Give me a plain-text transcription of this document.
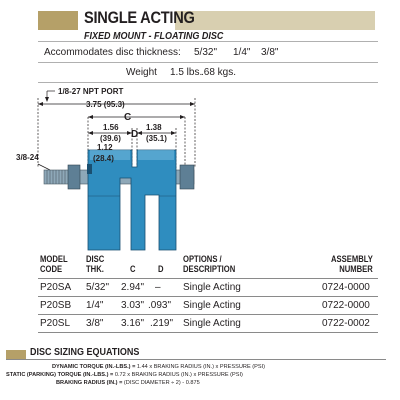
SINGLE ACTING
FIXED MOUNT - FLOATING DISC
Accommodates disc thickness: 5/32" 1/4" 3/8"
Weight 1.5 lbs.
.68 kgs.
1/8-27 NPT PORT
3.75 (95.3)
C
D
1.56
(39.6)
1.38
(35.1)
1.12
(28.4)
3/8-24
MODEL
CODE
DISC
THK.	C D
OPTIONS /
DESCRIPTION
ASSEMBLY
NUMBER
P20SA 5/32" 2.94" – Single Acting	0724-0000
P20SB 1/4" 3.03" .093" Single Acting	0722-0000
P20SL 3/8" 3.16" .219" Single Acting	0722-0002
DISC SIZING EQUATIONS
DYNAMIC TORQUE (IN.-LBS.) = 1.44 x BRAKING RADIUS (IN.) x PRESSURE (PSI)
STATIC (PARKING) TORQUE (IN.-LBS.) = 0.72 x BRAKING RADIUS (IN.) x PRESSURE (PSI)
BRAKING RADIUS (IN.) = (DISC DIAMETER ÷ 2) - 0.875
